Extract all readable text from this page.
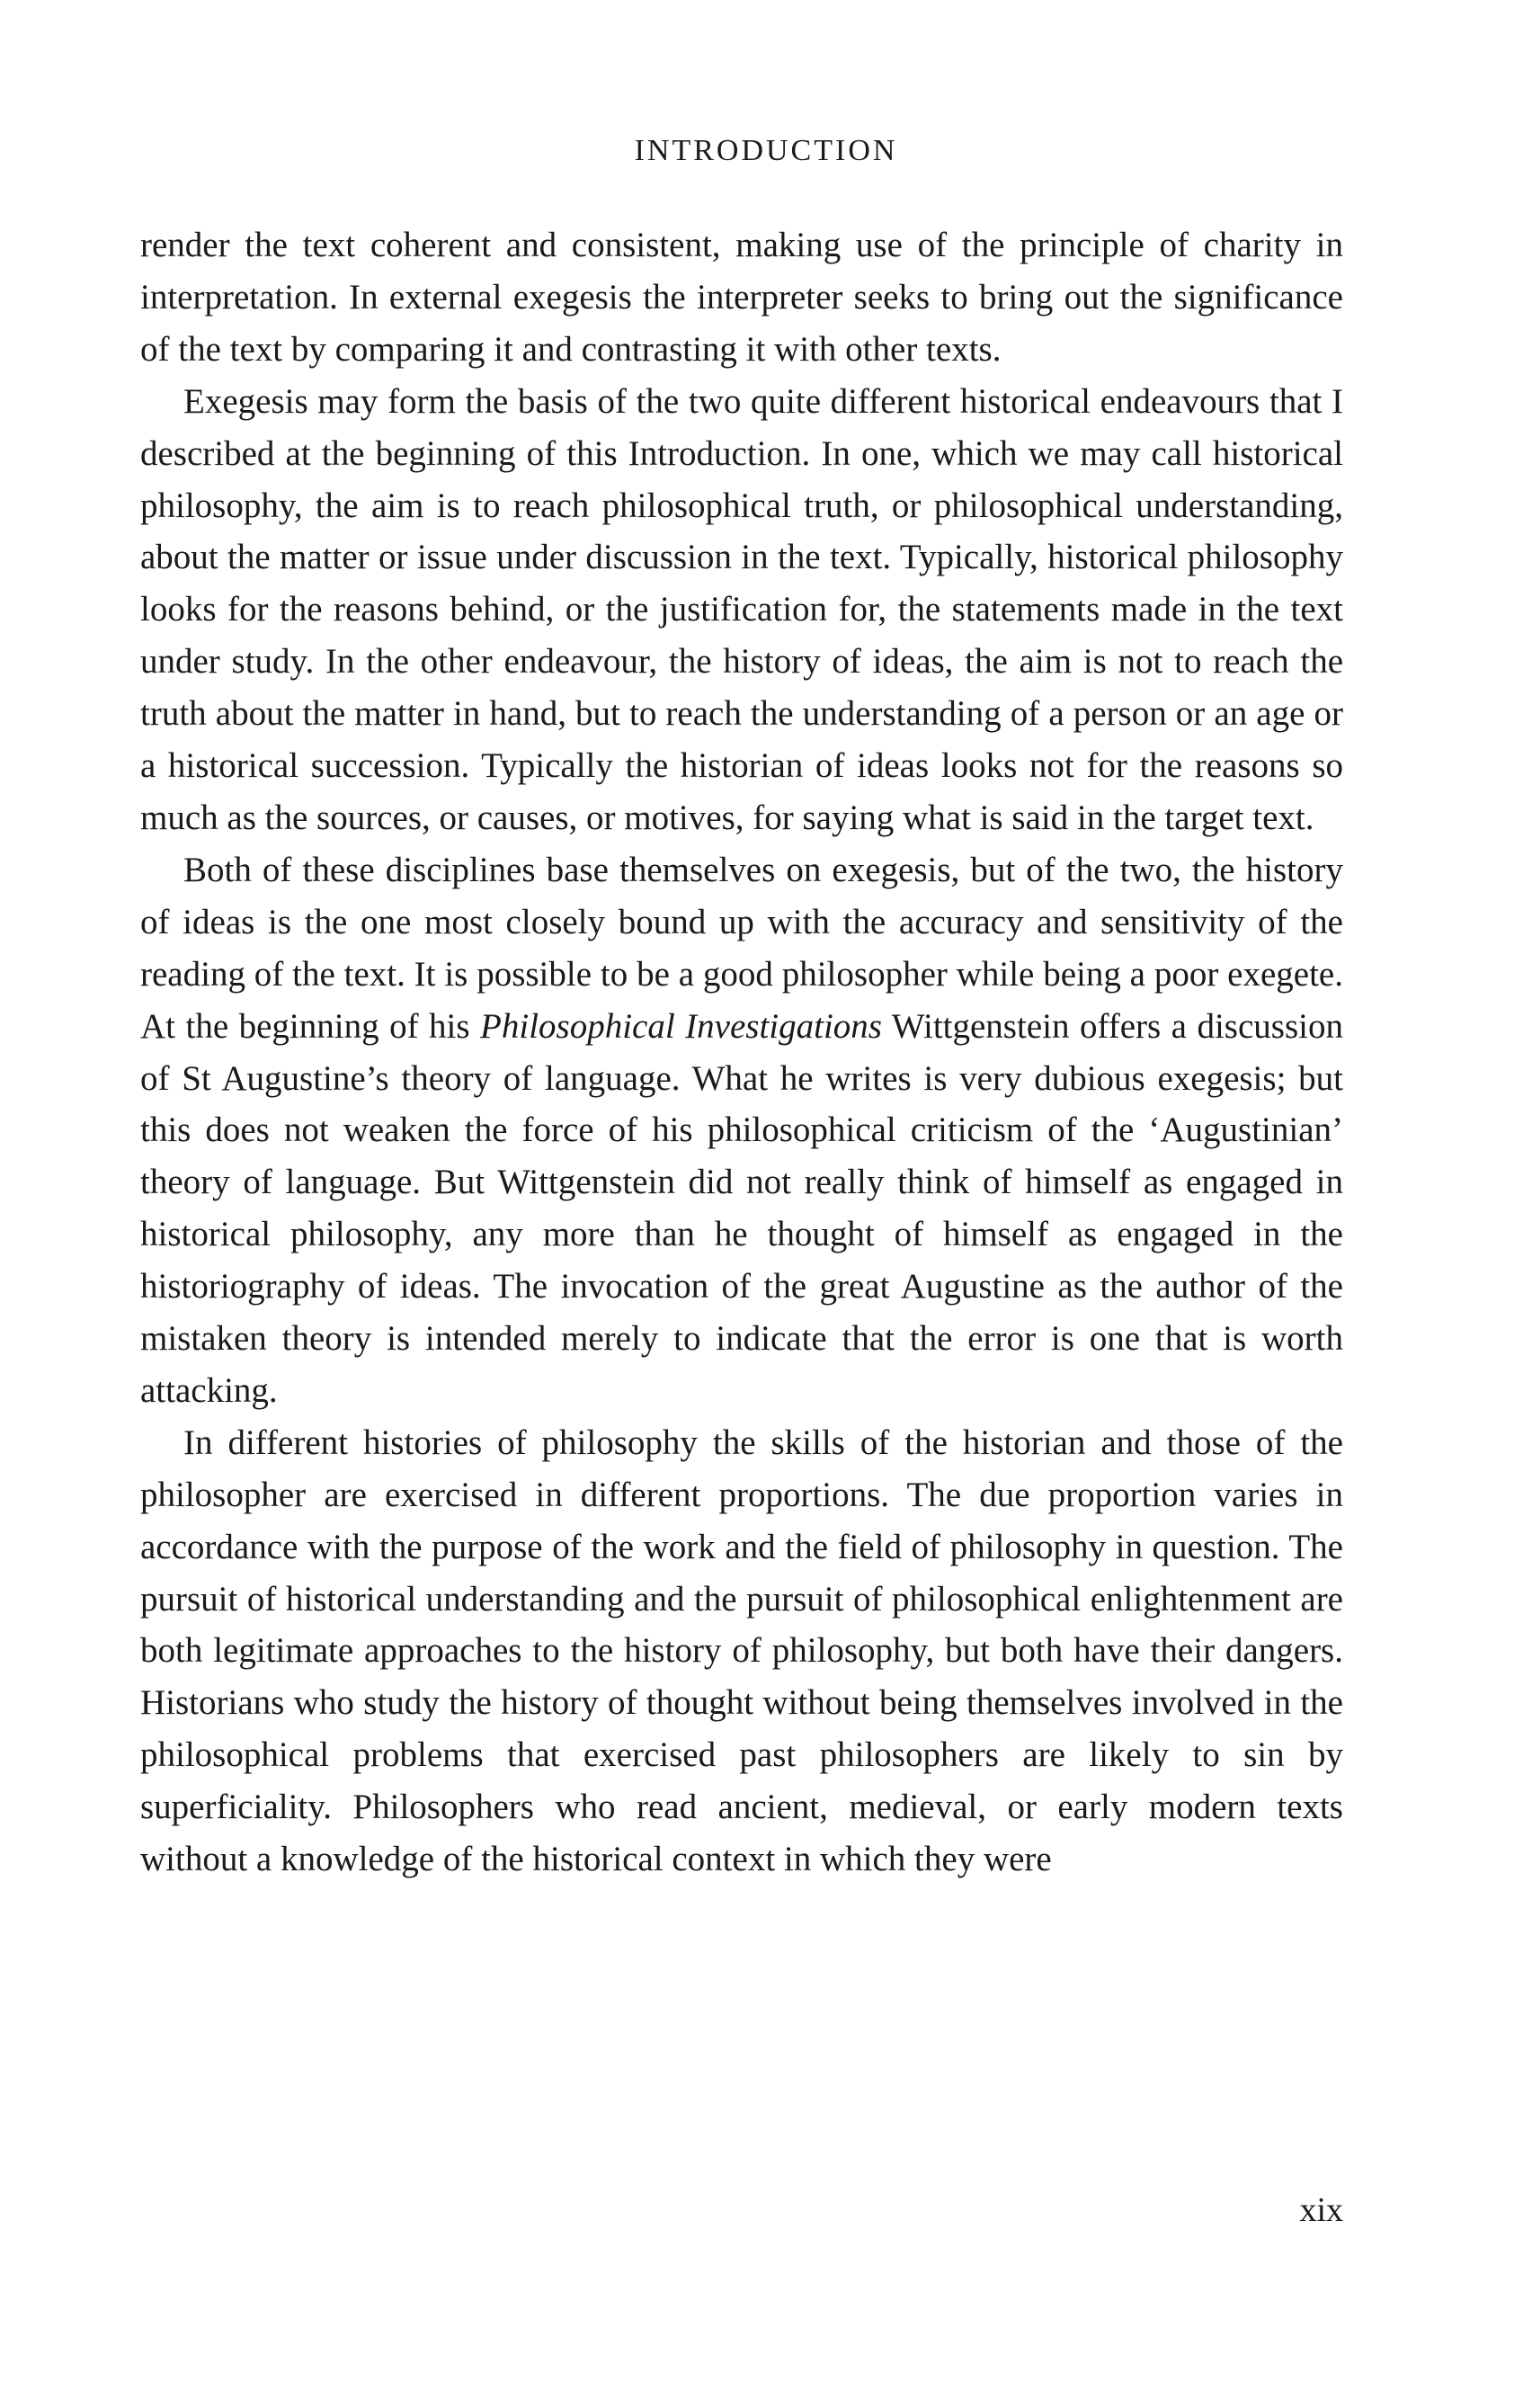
INTRODUCTION

render the text coherent and consistent, making use of the principle of charity in interpretation. In external exegesis the interpreter seeks to bring out the significance of the text by comparing it and contrasting it with other texts.

Exegesis may form the basis of the two quite different historical endeavours that I described at the beginning of this Introduction. In one, which we may call historical philosophy, the aim is to reach philosophical truth, or philosophical understanding, about the matter or issue under discussion in the text. Typically, historical philosophy looks for the reasons behind, or the justification for, the statements made in the text under study. In the other endeavour, the history of ideas, the aim is not to reach the truth about the matter in hand, but to reach the understanding of a person or an age or a historical succession. Typically the historian of ideas looks not for the reasons so much as the sources, or causes, or motives, for saying what is said in the target text.

Both of these disciplines base themselves on exegesis, but of the two, the history of ideas is the one most closely bound up with the accuracy and sensitivity of the reading of the text. It is possible to be a good philosopher while being a poor exegete. At the beginning of his Philosophical Investigations Wittgenstein offers a discussion of St Augustine’s theory of language. What he writes is very dubious exegesis; but this does not weaken the force of his philosophical criticism of the ‘Augustinian’ theory of language. But Wittgenstein did not really think of himself as engaged in historical philosophy, any more than he thought of himself as engaged in the historiography of ideas. The invocation of the great Augustine as the author of the mistaken theory is intended merely to indicate that the error is one that is worth attacking.

In different histories of philosophy the skills of the historian and those of the philosopher are exercised in different proportions. The due proportion varies in accordance with the purpose of the work and the field of philosophy in question. The pursuit of historical understanding and the pursuit of philosophical enlightenment are both legitimate approaches to the history of philosophy, but both have their dangers. Historians who study the history of thought without being themselves involved in the philosophical problems that exercised past philosophers are likely to sin by superficiality. Philosophers who read ancient, medieval, or early modern texts without a knowledge of the historical context in which they were

xix
